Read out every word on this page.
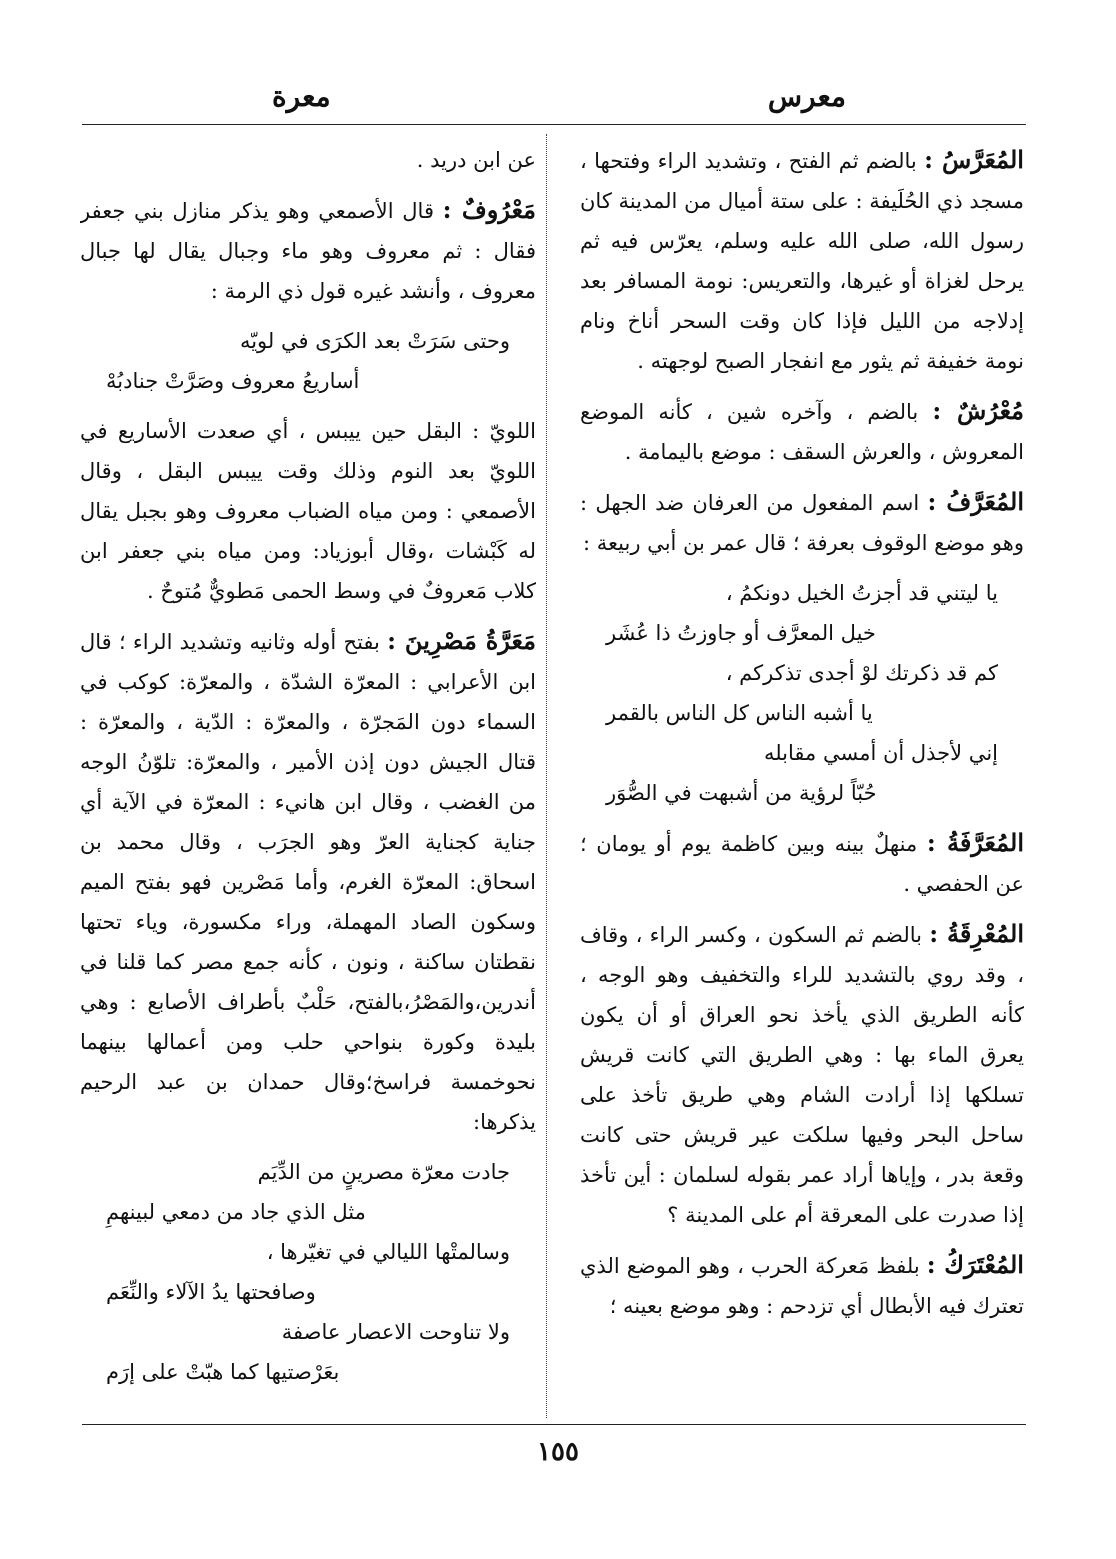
معرس
معرة

المُعَرَّسُ : بالضم ثم الفتح ، وتشديد الراء وفتحها ، مسجد ذي الحُلَيفة : على ستة أميال من المدينة كان رسول الله، صلى الله عليه وسلم، يعرّس فيه ثم يرحل لغزاة أو غيرها، والتعريس: نومة المسافر بعد إدلاجه من الليل فإذا كان وقت السحر أناخ ونام نومة خفيفة ثم يثور مع انفجار الصبح لوجهته .

مُعْرُشٌ : بالضم ، وآخره شين ، كأنه الموضع المعروش ، والعرش السقف : موضع باليمامة .

المُعَرَّفُ : اسم المفعول من العرفان ضد الجهل : وهو موضع الوقوف بعرفة ؛ قال عمر بن أبي ربيعة :

يا ليتني قد أجزتُ الخيل دونكمُ ،
خيل المعرَّف أو جاوزتُ ذا عُشَر
كم قد ذكرتك لوْ أجدى تذكركم ،
يا أشبه الناس كل الناس بالقمر
إني لأجذل أن أمسي مقابله
حُبّاً لرؤية من أشبهت في الصُّوَر

المُعَرَّفَةُ : منهلٌ بينه وبين كاظمة يوم أو يومان ؛ عن الحفصي .

المُعْرِقَةُ : بالضم ثم السكون ، وكسر الراء ، وقاف ، وقد روي بالتشديد للراء والتخفيف وهو الوجه ، كأنه الطريق الذي يأخذ نحو العراق أو أن يكون يعرق الماء بها : وهي الطريق التي كانت قريش تسلكها إذا أرادت الشام وهي طريق تأخذ على ساحل البحر وفيها سلكت عير قريش حتى كانت وقعة بدر ، وإياها أراد عمر بقوله لسلمان : أين تأخذ إذا صدرت على المعرقة أم على المدينة ؟

المُعْتَرَكُ : بلفظ مَعركة الحرب ، وهو الموضع الذي تعترك فيه الأبطال أي تزدحم : وهو موضع بعينه ؛

عن ابن دريد .

مَعْرُوفٌ : قال الأصمعي وهو يذكر منازل بني جعفر فقال : ثم معروف وهو ماء وجبال يقال لها جبال معروف ، وأنشد غيره قول ذي الرمة :

وحتى سَرَتْ بعد الكرَى في لويّه
أساريعُ معروف وصَرَّتْ جنادبُهْ

اللويّ : البقل حين ييبس ، أي صعدت الأساريع في اللويّ بعد النوم وذلك وقت ييبس البقل ، وقال الأصمعي : ومن مياه الضباب معروف وهو بجبل يقال له كَبْشات ،وقال أبوزياد: ومن مياه بني جعفر ابن كلاب مَعروفٌ في وسط الحمى مَطويٌّ مُتوحٌ .

مَعَرَّةُ مَصْرِينَ : بفتح أوله وثانيه وتشديد الراء ؛ قال ابن الأعرابي : المعرّة الشدّة ، والمعرّة: كوكب في السماء دون المَجرّة ، والمعرّة : الدّية ، والمعرّة : قتال الجيش دون إذن الأمير ، والمعرّة: تلوّنُ الوجه من الغضب ، وقال ابن هانيء : المعرّة في الآية أي جناية كجناية العرّ وهو الجرَب ، وقال محمد بن اسحاق: المعرّة الغرم، وأما مَصْرين فهو بفتح الميم وسكون الصاد المهملة، وراء مكسورة، وياء تحتها نقطتان ساكنة ، ونون ، كأنه جمع مصر كما قلنا في أندرين،والمَصْرُ،بالفتح، حَلْبٌ بأطراف الأصابع : وهي بليدة وكورة بنواحي حلب ومن أعمالها بينهما نحوخمسة فراسخ؛وقال حمدان بن عبد الرحيم يذكرها:

جادت معرّة مصرينٍ من الدِّيَم
مثل الذي جاد من دمعي لبينهمِ
وسالمتْها الليالي في تغيّرها ،
وصافحتها يدُ الآلاء والنِّعَم
ولا تناوحت الاعصار عاصفة
بعَرْصتيها كما هبّتْ على إرَم
١٥٥
